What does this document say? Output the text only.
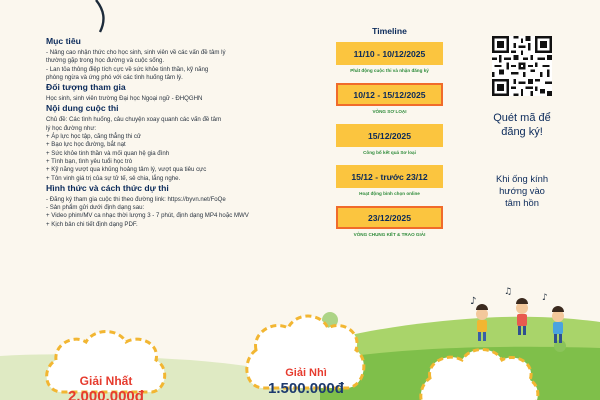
Mục tiêu
- Nâng cao nhận thức cho học sinh, sinh viên về các vấn đề tâm lý
thường gặp trong học đường và cuộc sống.
- Lan tỏa thông điệp tích cực về sức khỏe tinh thần, kỹ năng
phòng ngừa và ứng phó với các tình huống tâm lý.
Đối tượng tham gia
Học sinh, sinh viên trường Đại học Ngoại ngữ - ĐHQGHN
Nội dung cuộc thi
Chủ đề: Các tình huống, câu chuyện xoay quanh các vấn đề tâm
lý học đường như:
+ Áp lực học tập, căng thẳng thi cử
+ Bạo lực học đường, bắt nạt
+ Sức khỏe tinh thần và mối quan hệ gia đình
+ Tình bạn, tình yêu tuổi học trò
+ Kỹ năng vượt qua khủng hoảng tâm lý, vượt qua tiêu cực
+ Tôn vinh giá trị của sự tử tế, sẻ chia, lắng nghe.
Hình thức và cách thức dự thi
- Đăng ký tham gia cuộc thi theo đường link: https://byvn.net/FoQe
- Sản phẩm gửi dưới định dạng sau:
+ Video phim/MV ca nhạc thời lượng 3 - 7 phút, định dạng MP4 hoặc MWV
+ Kịch bản chi tiết định dạng PDF.
Timeline
11/10 - 10/12/2025
Phát động cuộc thi và nhận đăng ký
10/12 - 15/12/2025
VÒNG SƠ LOẠI
15/12/2025
Công bố kết quả Sơ loại
15/12 - trước 23/12
Hoạt động bình chọn online
23/12/2025
VÒNG CHUNG KẾT & TRAO GIẢI
Quét mã để
đăng ký!
Khi ống kính
hướng vào
tâm hồn
♪
♫
♪
Giải Nhất
2.000.000đ
Giải Nhì
1.500.000đ
